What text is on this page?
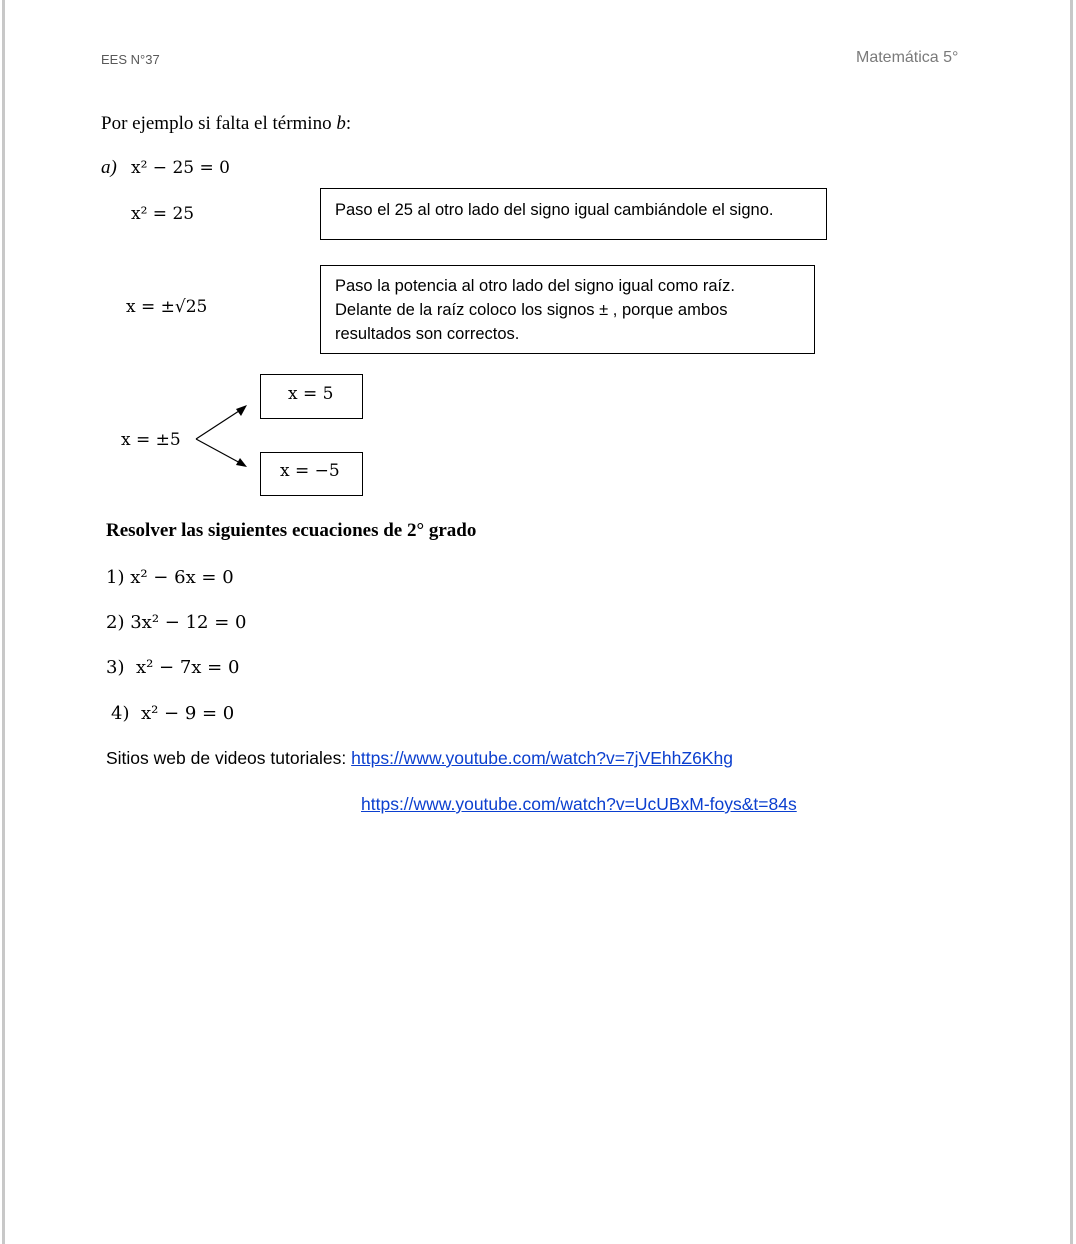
EES N°37	Matemática 5°
Por ejemplo si falta el término b:
a) x² − 25 = 0
x² = 25	Paso el 25 al otro lado del signo igual cambiándole el signo.
x = ±√25
Paso la potencia al otro lado del signo igual como raíz.
Delante de la raíz coloco los signos ± , porque ambos
resultados son correctos.
x = ±5
x = 5
x = −5
Resolver las siguientes ecuaciones de 2° grado
1) x² − 6x = 0
2) 3x² − 12 = 0
3) x² − 7x = 0
4) x² − 9 = 0
Sitios web de videos tutoriales: https://www.youtube.com/watch?v=7jVEhhZ6Khg
https://www.youtube.com/watch?v=UcUBxM-foys&t=84s
